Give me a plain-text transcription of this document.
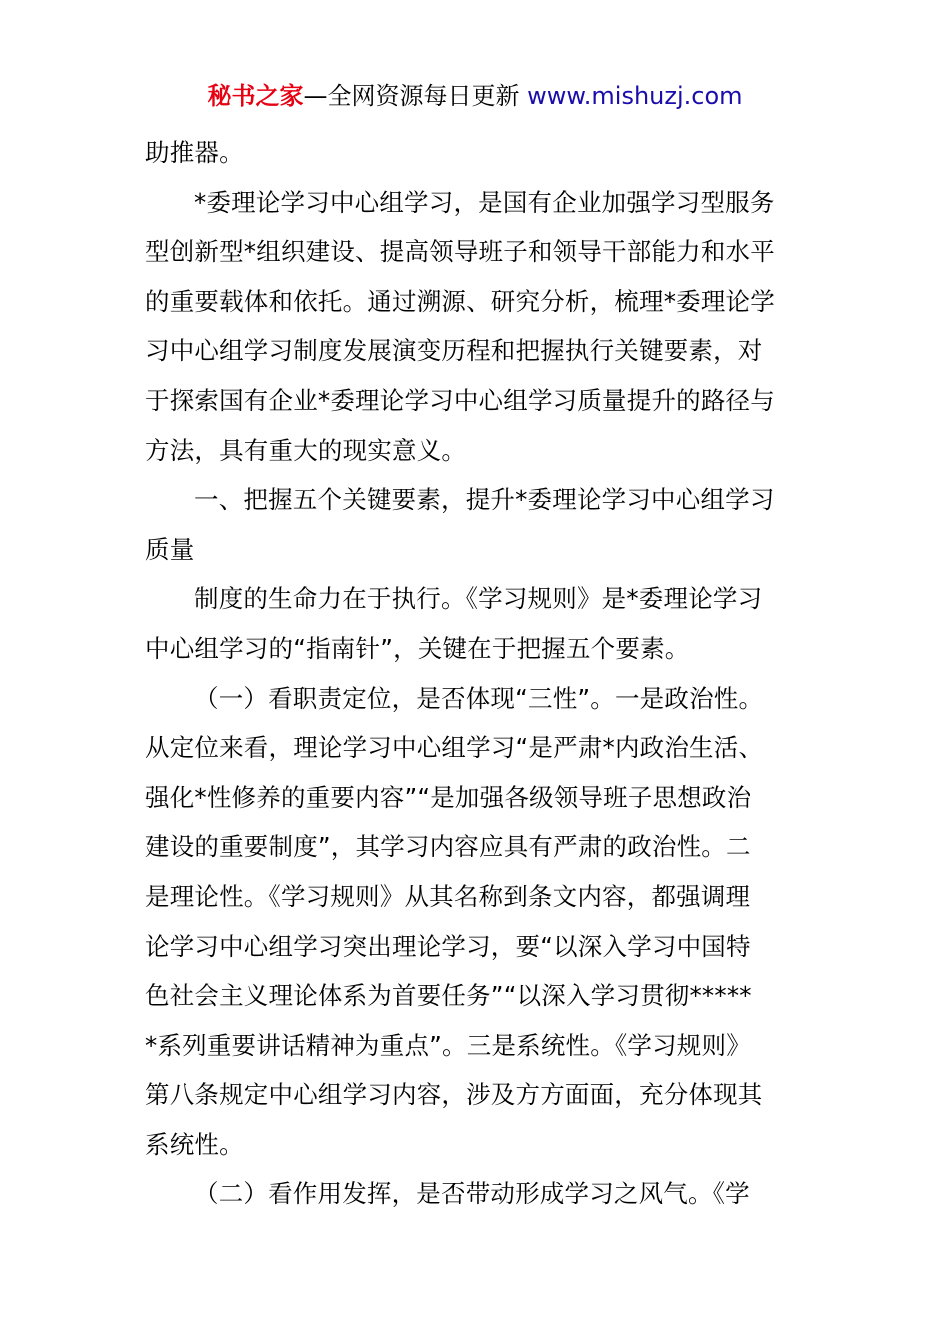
秘书之家—全网资源每日更新 www.mishuzj.com
助推器。
*委理论学习中心组学习，是国有企业加强学习型服务
型创新型*组织建设、提高领导班子和领导干部能力和水平
的重要载体和依托。通过溯源、研究分析，梳理*委理论学
习中心组学习制度发展演变历程和把握执行关键要素，对
于探索国有企业*委理论学习中心组学习质量提升的路径与
方法，具有重大的现实意义。
一、把握五个关键要素，提升*委理论学习中心组学习
质量
制度的生命力在于执行。《学习规则》是*委理论学习
中心组学习的“指南针”，关键在于把握五个要素。
（一）看职责定位，是否体现“三性”。一是政治性。
从定位来看，理论学习中心组学习“是严肃*内政治生活、
强化*性修养的重要内容”“是加强各级领导班子思想政治
建设的重要制度”，其学习内容应具有严肃的政治性。二
是理论性。《学习规则》从其名称到条文内容，都强调理
论学习中心组学习突出理论学习，要“以深入学习中国特
色社会主义理论体系为首要任务”“以深入学习贯彻*****
*系列重要讲话精神为重点”。三是系统性。《学习规则》
第八条规定中心组学习内容，涉及方方面面，充分体现其
系统性。
（二）看作用发挥，是否带动形成学习之风气。《学
